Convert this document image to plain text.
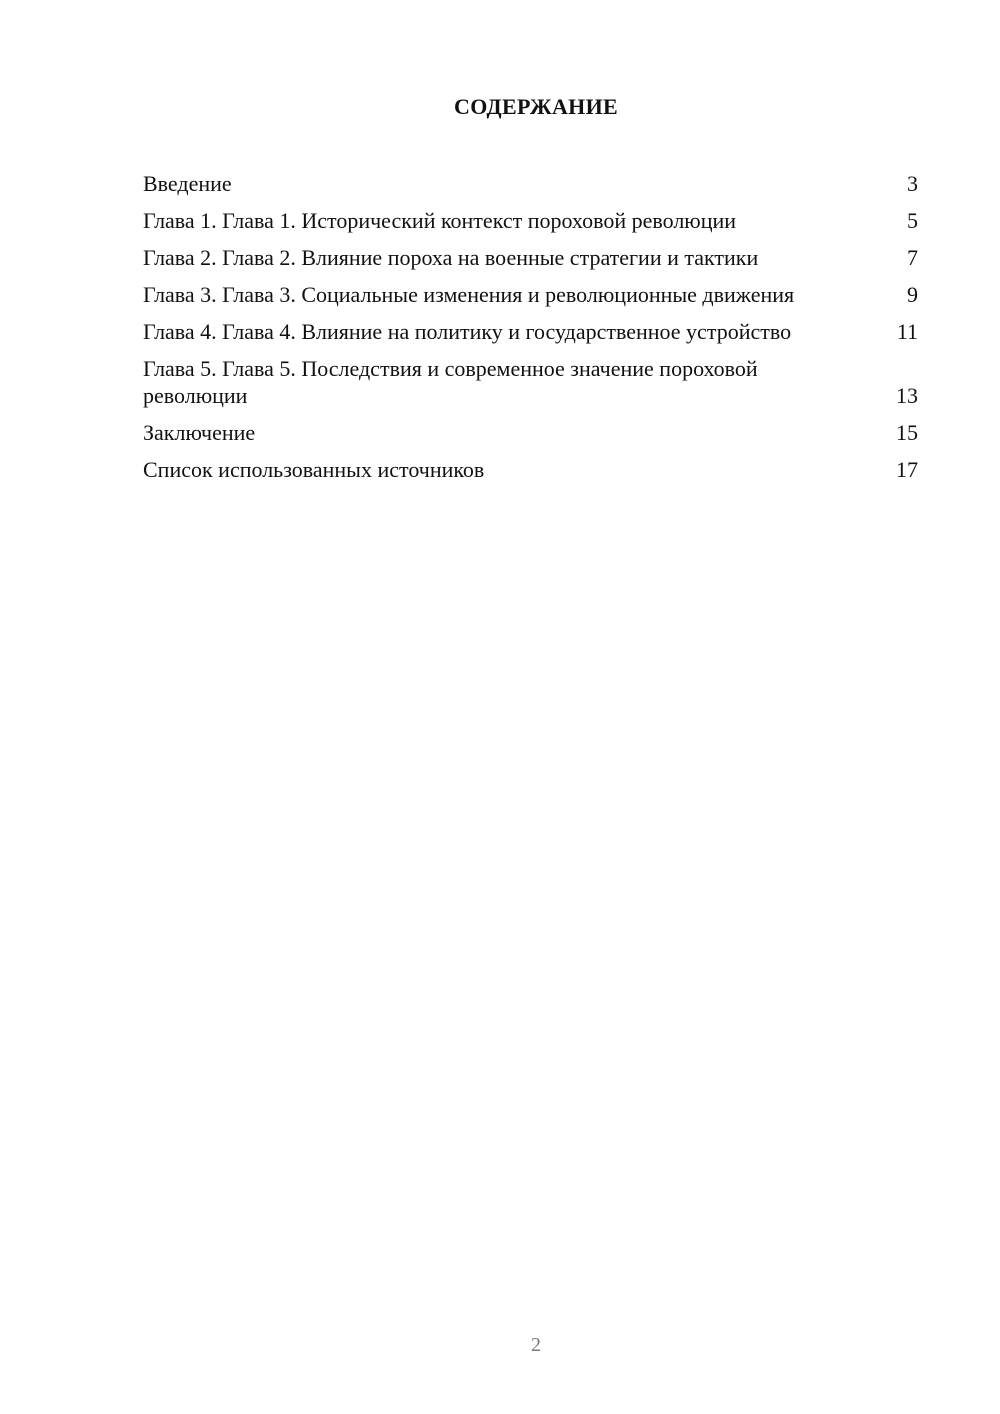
СОДЕРЖАНИЕ
Введение	3
Глава 1. Глава 1. Исторический контекст пороховой революции	5
Глава 2. Глава 2. Влияние пороха на военные стратегии и тактики	7
Глава 3. Глава 3. Социальные изменения и революционные движения	9
Глава 4. Глава 4. Влияние на политику и государственное устройство	11
Глава 5. Глава 5. Последствия и современное значение пороховой революции	13
Заключение	15
Список использованных источников	17
2
